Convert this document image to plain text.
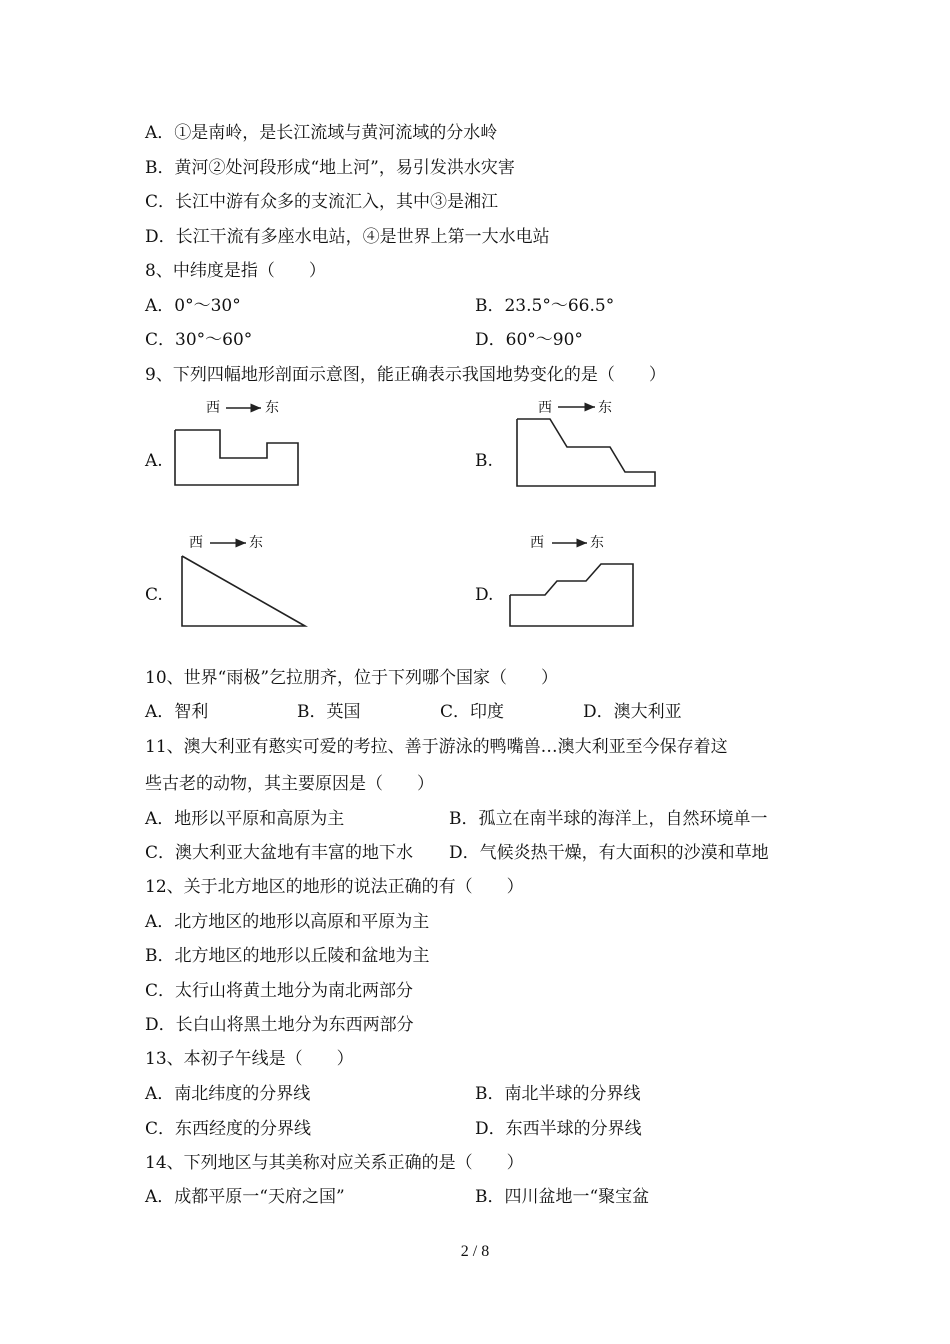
A．①是南岭，是长江流域与黄河流域的分水岭
B．黄河②处河段形成“地上河”，易引发洪水灾害
C．长江中游有众多的支流汇入，其中③是湘江
D．长江干流有多座水电站，④是世界上第一大水电站
8、中纬度是指（　　）
A．0°～30°	B．23.5°～66.5°
C．30°～60°	D．60°～90°
9、下列四幅地形剖面示意图，能正确表示我国地势变化的是（　　）
A.
西	东
B.
西	东
C.
西	东
D.
西	东
10、世界“雨极”乞拉朋齐，位于下列哪个国家（　　）
A．智利	B．英国	C．印度	D．澳大利亚
11、澳大利亚有憨实可爱的考拉、善于游泳的鸭嘴兽…澳大利亚至今保存着这
些古老的动物，其主要原因是（　　）
A．地形以平原和高原为主	B．孤立在南半球的海洋上，自然环境单一
C．澳大利亚大盆地有丰富的地下水 D．气候炎热干燥，有大面积的沙漠和草地
12、关于北方地区的地形的说法正确的有（　　）
A．北方地区的地形以高原和平原为主
B．北方地区的地形以丘陵和盆地为主
C．太行山将黄土地分为南北两部分
D．长白山将黑土地分为东西两部分
13、本初子午线是（　　）
A．南北纬度的分界线	B．南北半球的分界线
C．东西经度的分界线	D．东西半球的分界线
14、下列地区与其美称对应关系正确的是（　　）
A．成都平原一“天府之国”	B．四川盆地一“聚宝盆
2 / 8
